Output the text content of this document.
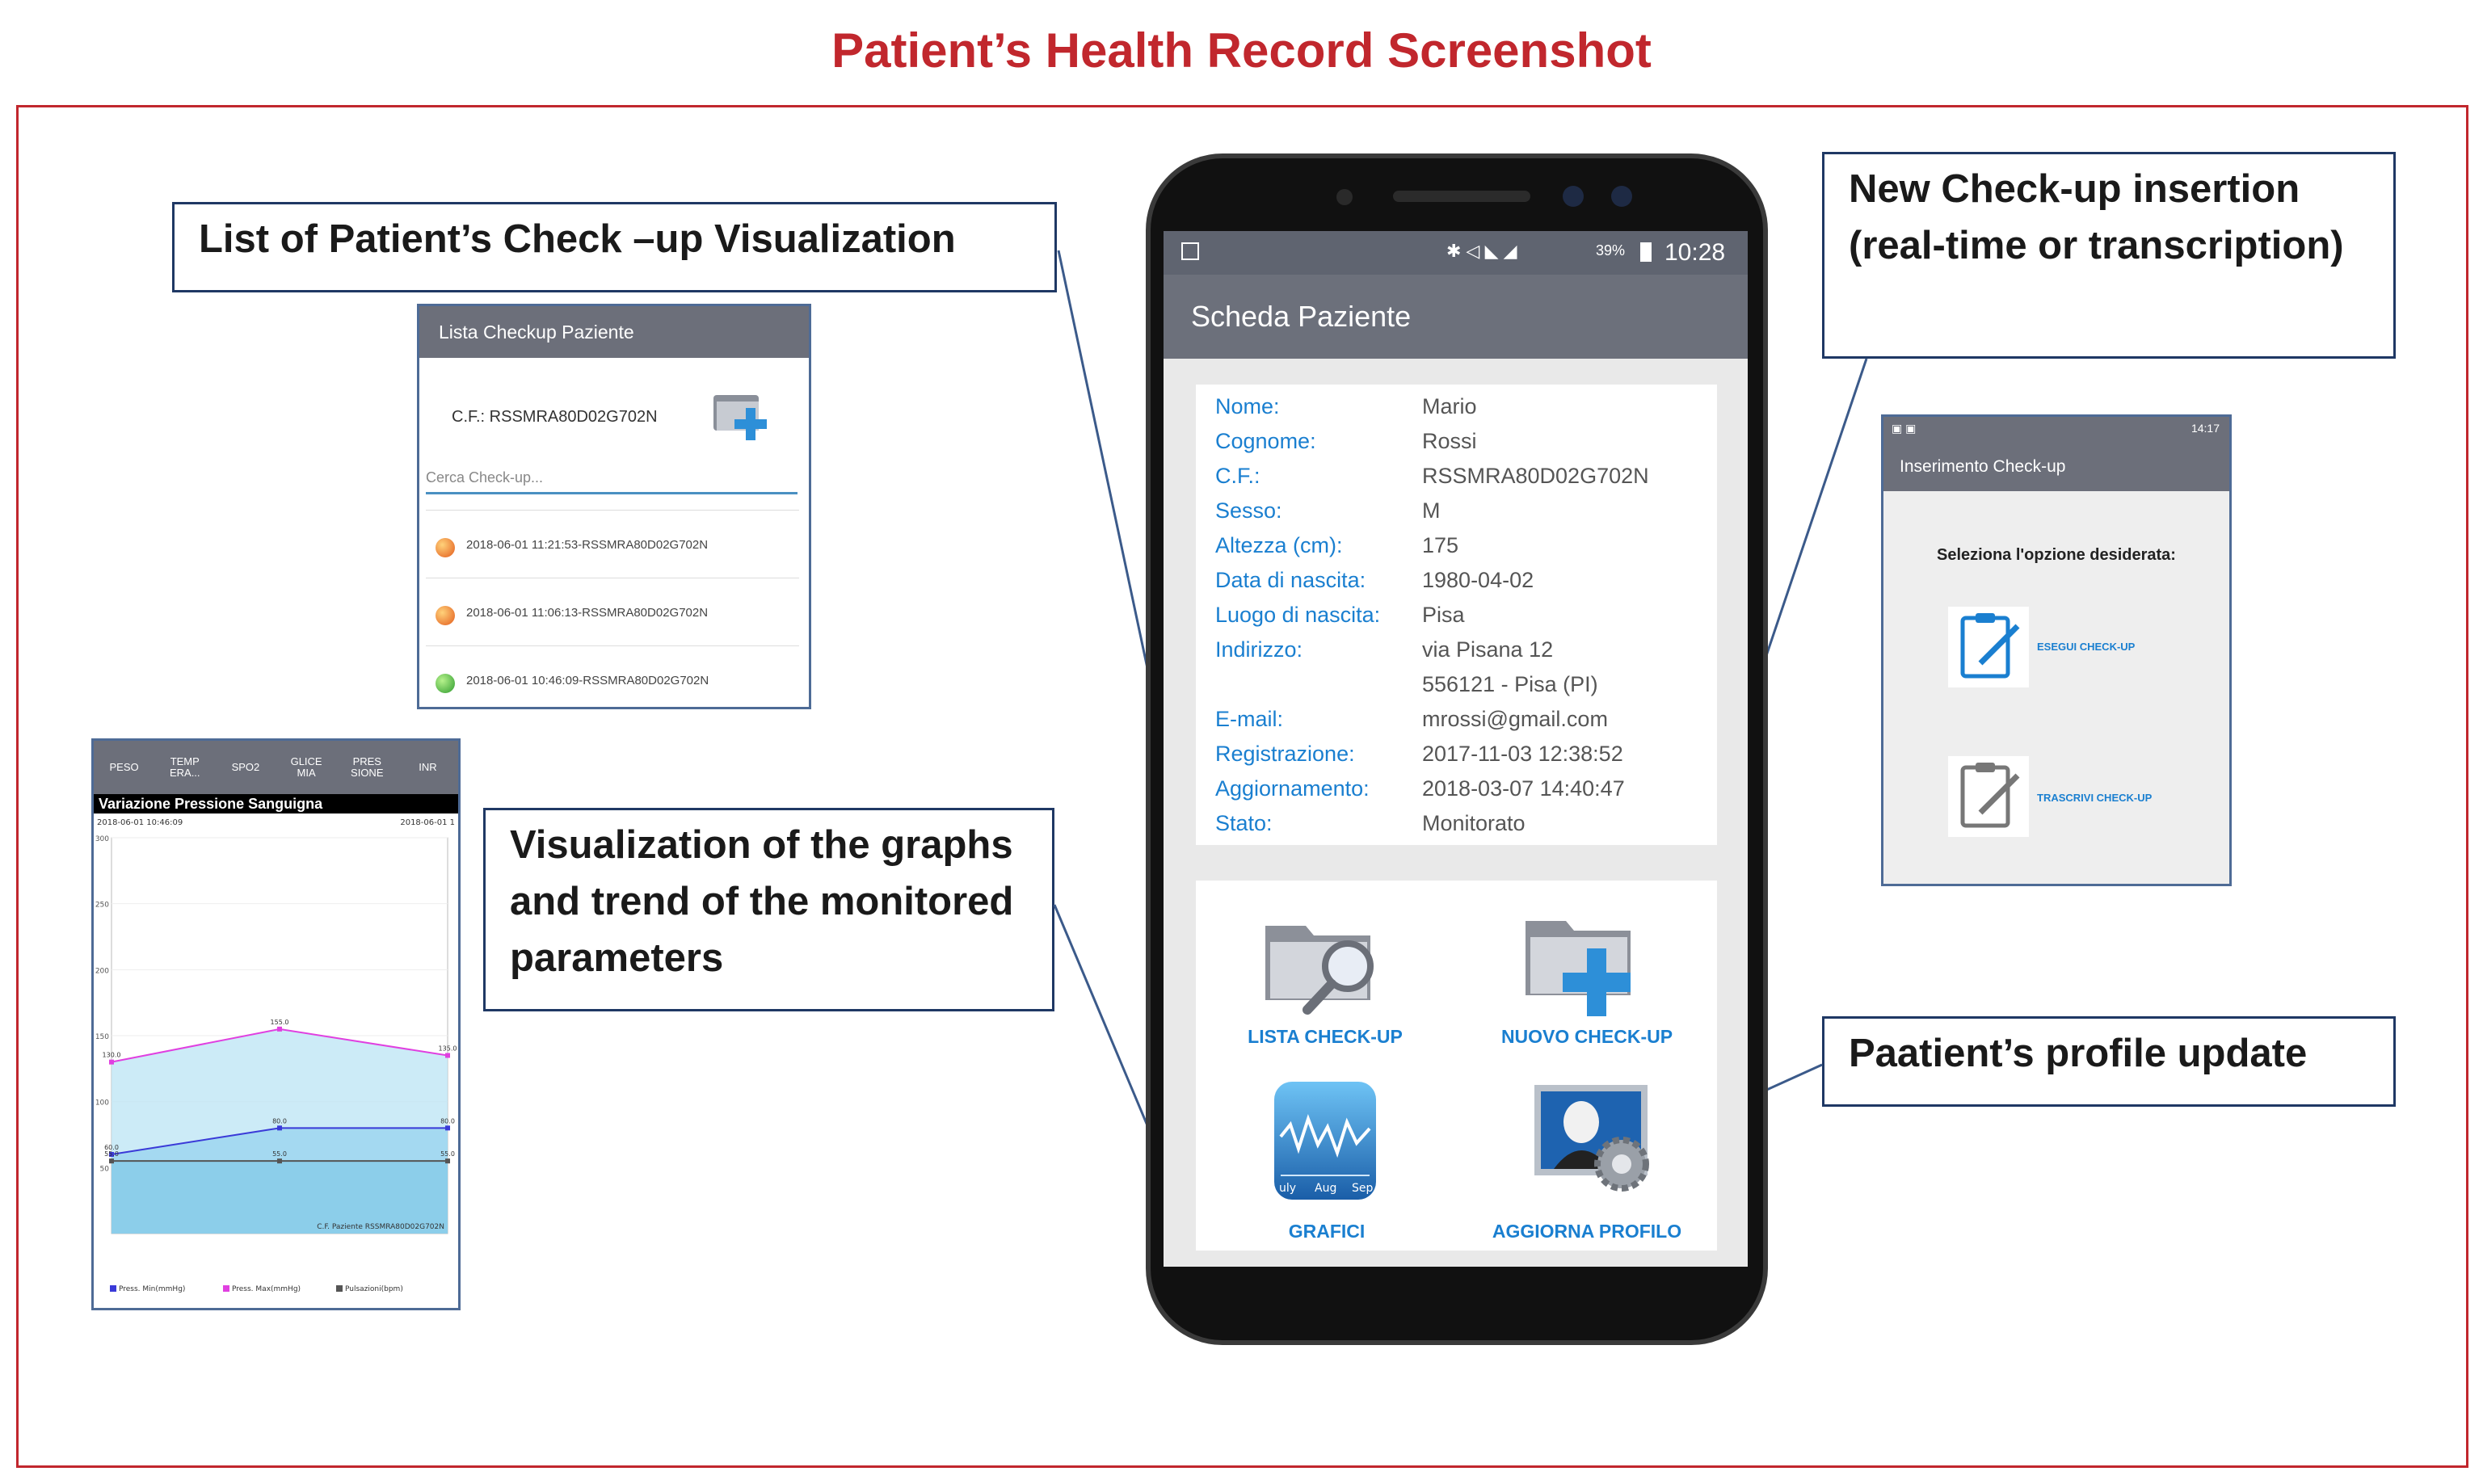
Patient’s Health Record Screenshot
List of Patient’s Check –up Visualization
Visualization of the graphs and trend of the monitored parameters
New Check-up insertion (real-time or transcription)
Paatient’s profile update
Lista Checkup Paziente
C.F.: RSSMRA80D02G702N
Cerca Check-up...
2018-06-01 11:21:53-RSSMRA80D02G702N
2018-06-01 11:06:13-RSSMRA80D02G702N
2018-06-01 10:46:09-RSSMRA80D02G702N
PESO	TEMP
ERA...	SPO2	GLICE
MIA
PRES
SIONE	INR
Variazione Pressione Sanguigna
2018-06-01 10:46:09	2018-06-01 1
50
100
150
200
250
300
60.0
80.0	80.0
130.0
155.0
135.0
55.0	55.0	55.0
C.F. Paziente RSSMRA80D02G702N
Press. Min(mmHg)	Press. Max(mmHg)	Pulsazioni(bpm)
✱ ◁ ◣ ◢	39% 10:28
Scheda Paziente
Nome:	Mario
Cognome:	Rossi
C.F.:	RSSMRA80D02G702N
Sesso:	M
Altezza (cm):	175
Data di nascita:	1980-04-02
Luogo di nascita: Pisa
Indirizzo:	via Pisana 12
556121 - Pisa (PI)
E-mail:	mrossi@gmail.com
Registrazione:	2017-11-03 12:38:52
Aggiornamento: 2018-03-07 14:40:47
Stato:	Monitorato
LISTA CHECK-UP	NUOVO CHECK-UP
uly Aug Sep
GRAFICI	AGGIORNA PROFILO
▣ ▣	14:17
Inserimento Check-up
Seleziona l'opzione desiderata:
ESEGUI CHECK-UP
TRASCRIVI CHECK-UP
